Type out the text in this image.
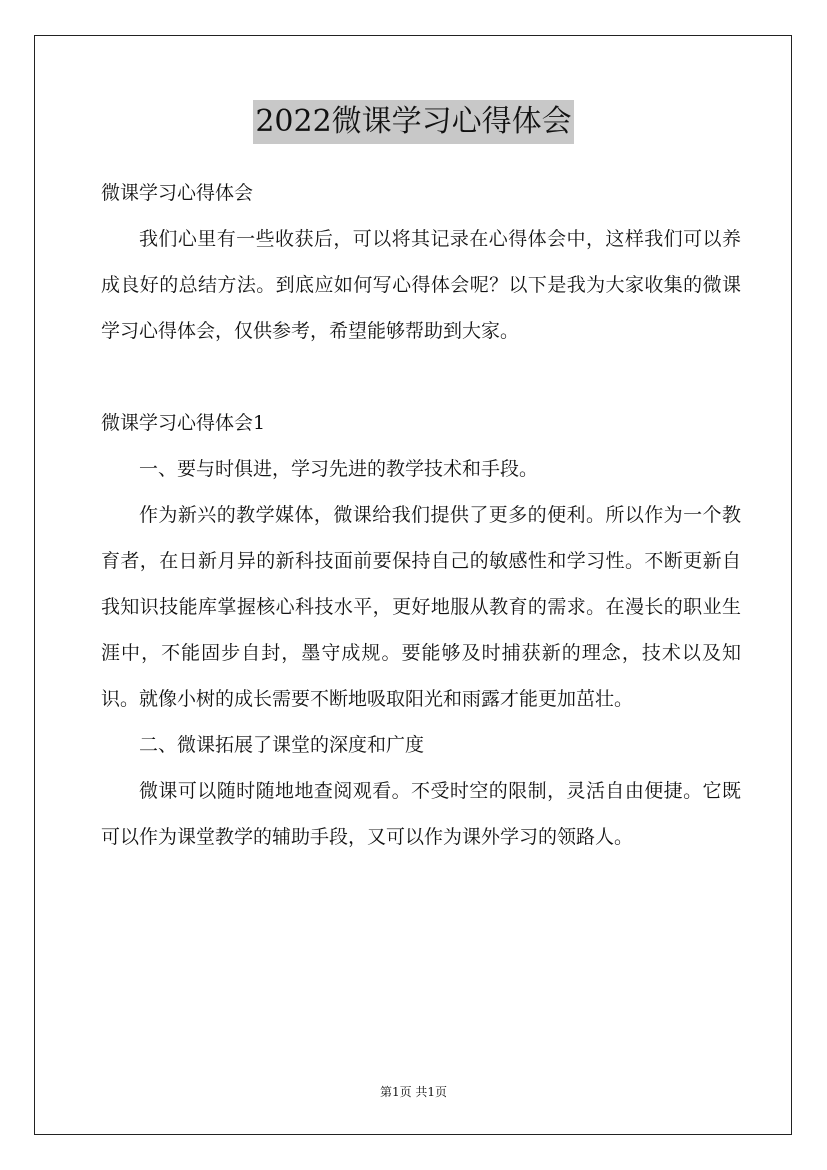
2022微课学习心得体会

微课学习心得体会

我们心里有一些收获后，可以将其记录在心得体会中，这样我们可以养成良好的总结方法。到底应如何写心得体会呢？以下是我为大家收集的微课学习心得体会，仅供参考，希望能够帮助到大家。

微课学习心得体会1

一、要与时俱进，学习先进的教学技术和手段。

作为新兴的教学媒体，微课给我们提供了更多的便利。所以作为一个教育者，在日新月异的新科技面前要保持自己的敏感性和学习性。不断更新自我知识技能库掌握核心科技水平，更好地服从教育的需求。在漫长的职业生涯中，不能固步自封，墨守成规。要能够及时捕获新的理念，技术以及知识。就像小树的成长需要不断地吸取阳光和雨露才能更加茁壮。

二、微课拓展了课堂的深度和广度

微课可以随时随地地查阅观看。不受时空的限制，灵活自由便捷。它既可以作为课堂教学的辅助手段，又可以作为课外学习的领路人。

第1页 共1页
